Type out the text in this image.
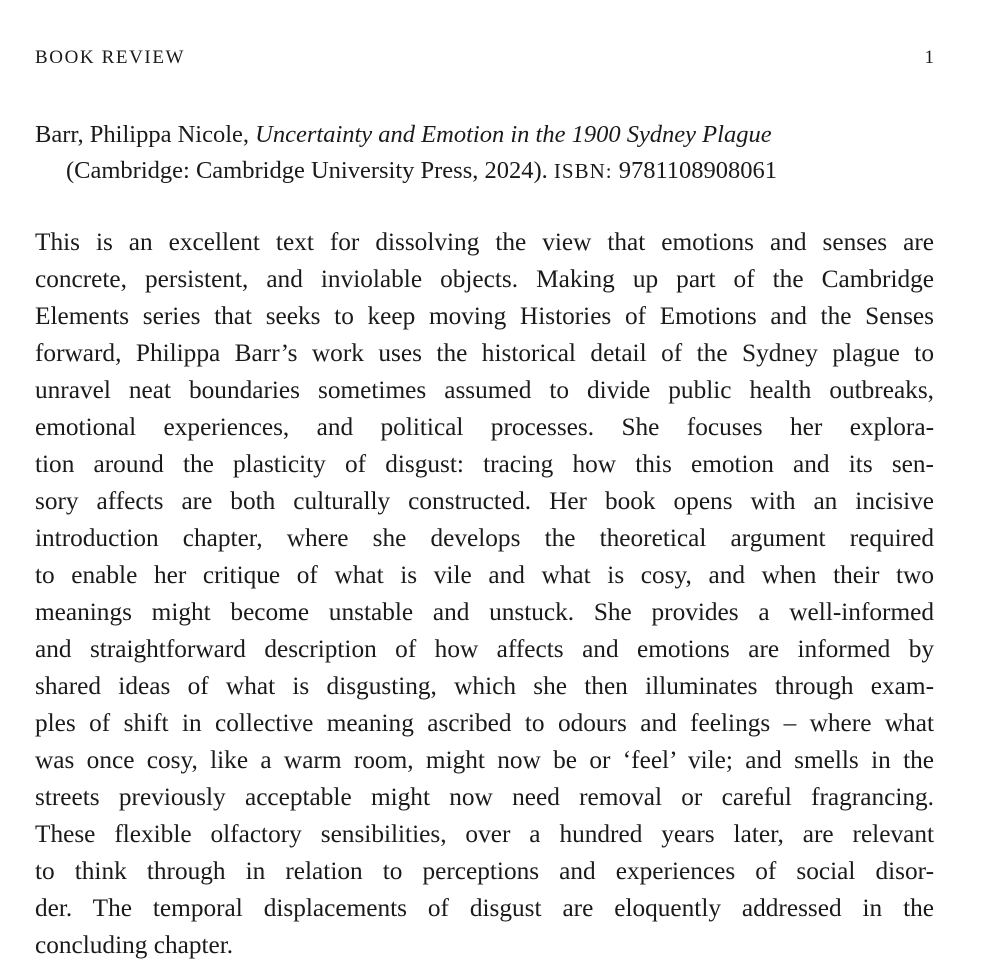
BOOK REVIEW	1
Barr, Philippa Nicole, Uncertainty and Emotion in the 1900 Sydney Plague
(Cambridge: Cambridge University Press, 2024). ISBN: 9781108908061

This is an excellent text for dissolving the view that emotions and senses are
concrete, persistent, and inviolable objects. Making up part of the Cambridge
Elements series that seeks to keep moving Histories of Emotions and the Senses
forward, Philippa Barr’s work uses the historical detail of the Sydney plague to
unravel neat boundaries sometimes assumed to divide public health outbreaks,
emotional experiences, and political processes. She focuses her explora-
tion around the plasticity of disgust: tracing how this emotion and its sen-
sory affects are both culturally constructed. Her book opens with an incisive
introduction chapter, where she develops the theoretical argument required
to enable her critique of what is vile and what is cosy, and when their two
meanings might become unstable and unstuck. She provides a well-informed
and straightforward description of how affects and emotions are informed by
shared ideas of what is disgusting, which she then illuminates through exam-
ples of shift in collective meaning ascribed to odours and feelings – where what
was once cosy, like a warm room, might now be or ‘feel’ vile; and smells in the
streets previously acceptable might now need removal or careful fragrancing.
These flexible olfactory sensibilities, over a hundred years later, are relevant
to think through in relation to perceptions and experiences of social disor-
der. The temporal displacements of disgust are eloquently addressed in the
concluding chapter.
